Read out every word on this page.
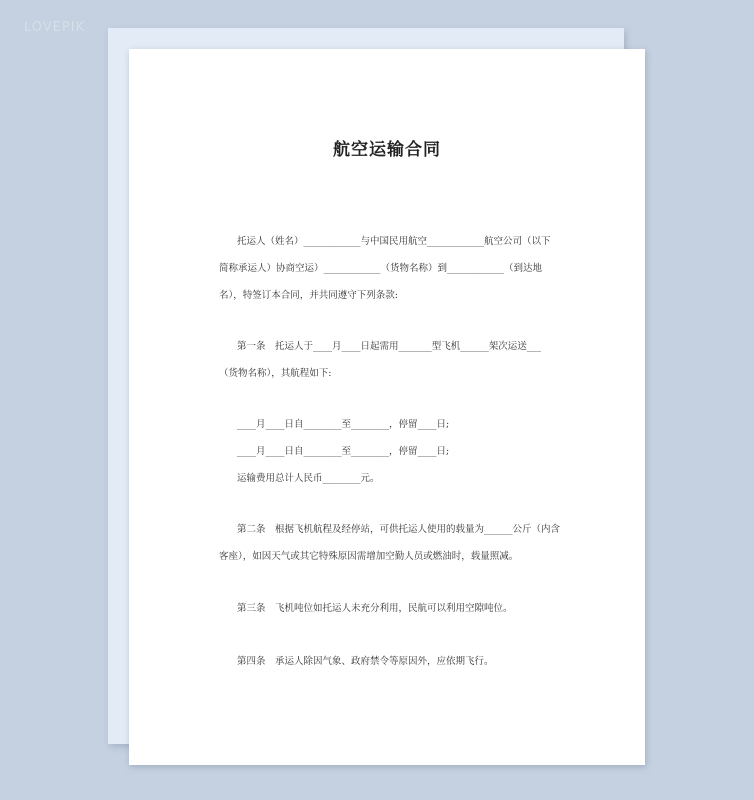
LOVEPIK
航空运输合同
托运人（姓名）____________与中国民用航空____________航空公司（以下
简称承运人）协商空运）____________（货物名称）到____________（到达地
名），特签订本合同，并共同遵守下列条款:
第一条　托运人于____月____日起需用_______型飞机______架次运送___
（货物名称），其航程如下:
____月____日自________至________，停留____日;
____月____日自________至________，停留____日;
运输费用总计人民币________元。
第二条　根据飞机航程及经停站，可供托运人使用的载量为______公斤（内含
客座），如因天气或其它特殊原因需增加空勤人员或燃油时，载量照减。
第三条　飞机吨位如托运人未充分利用，民航可以利用空隙吨位。
第四条　承运人除因气象、政府禁令等原因外，应依期飞行。
